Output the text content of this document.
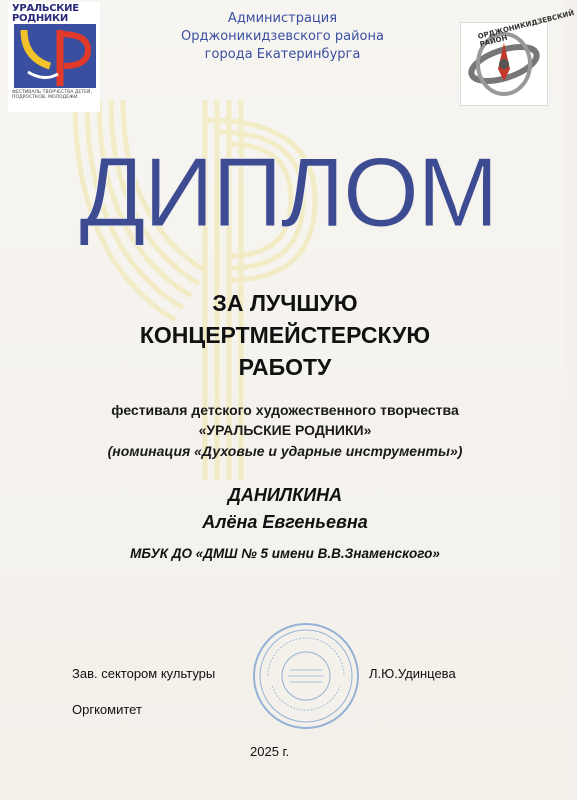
УРАЛЬСКИЕ
РОДНИКИ
ФЕСТИВАЛЬ ТВОРЧЕСТВА ДЕТЕЙ, ПОДРОСТКОВ, МОЛОДЕЖИ
Администрация
Орджоникидзевского района
города Екатеринбурга
ОРДЖОНИКИДЗЕВСКИЙ РАЙОН
ДИПЛОМ
ЗА ЛУЧШУЮ
КОНЦЕРТМЕЙСТЕРСКУЮ
РАБОТУ
фестиваля детского художественного творчества
«УРАЛЬСКИЕ РОДНИКИ»
(номинация «Духовые и ударные инструменты»)
ДАНИЛКИНА
Алёна Евгеньевна
МБУК ДО «ДМШ № 5 имени В.В.Знаменского»
Зав. сектором культуры	Л.Ю.Удинцева
Оргкомитет
2025 г.
